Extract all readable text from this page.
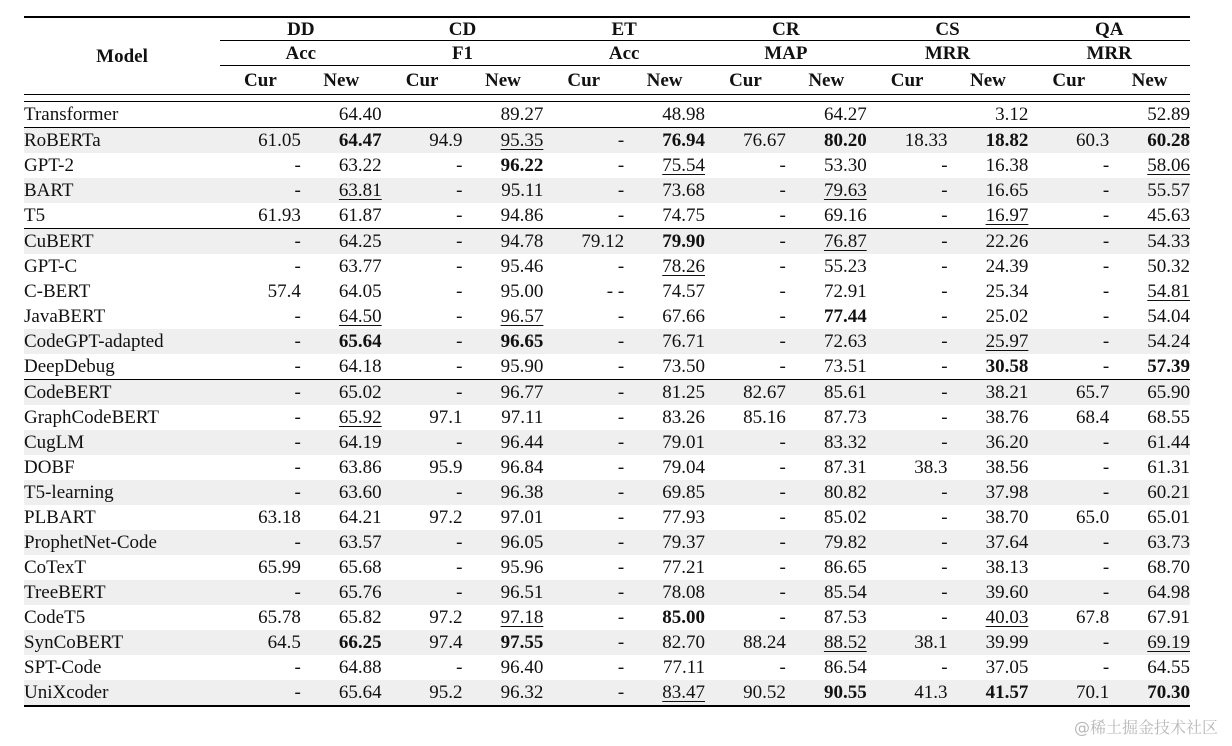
Model	DD		CD		ET		CR		CS		QA	
	Acc		F1		Acc		MAP		MRR		MRR	
	Cur	New	Cur	New	Cur	New	Cur	New	Cur	New	Cur	New

Transformer		64.40		89.27		48.98		64.27		3.12		52.89
RoBERTa	61.05	64.47	94.9	95.35	-	76.94	76.67	80.20	18.33	18.82	60.3	60.28
GPT-2	-	63.22	-	96.22	-	75.54	-	53.30	-	16.38	-	58.06
BART	-	63.81	-	95.11	-	73.68	-	79.63	-	16.65	-	55.57
T5	61.93	61.87	-	94.86	-	74.75	-	69.16	-	16.97	-	45.63
CuBERT	-	64.25	-	94.78	79.12	79.90	-	76.87	-	22.26	-	54.33
GPT-C	-	63.77	-	95.46	-	78.26	-	55.23	-	24.39	-	50.32
C-BERT	57.4	64.05	-	95.00	- -	74.57	-	72.91	-	25.34	-	54.81
JavaBERT	-	64.50	-	96.57	-	67.66	-	77.44	-	25.02	-	54.04
CodeGPT-adapted	-	65.64	-	96.65	-	76.71	-	72.63	-	25.97	-	54.24
DeepDebug	-	64.18	-	95.90	-	73.50	-	73.51	-	30.58	-	57.39
CodeBERT	-	65.02	-	96.77	-	81.25	82.67	85.61	-	38.21	65.7	65.90
GraphCodeBERT	-	65.92	97.1	97.11	-	83.26	85.16	87.73	-	38.76	68.4	68.55
CugLM	-	64.19	-	96.44	-	79.01	-	83.32	-	36.20	-	61.44
DOBF	-	63.86	95.9	96.84	-	79.04	-	87.31	38.3	38.56	-	61.31
T5-learning	-	63.60	-	96.38	-	69.85	-	80.82	-	37.98	-	60.21
PLBART	63.18	64.21	97.2	97.01	-	77.93	-	85.02	-	38.70	65.0	65.01
ProphetNet-Code	-	63.57	-	96.05	-	79.37	-	79.82	-	37.64	-	63.73
CoTexT	65.99	65.68	-	95.96	-	77.21	-	86.65	-	38.13	-	68.70
TreeBERT	-	65.76	-	96.51	-	78.08	-	85.54	-	39.60	-	64.98
CodeT5	65.78	65.82	97.2	97.18	-	85.00	-	87.53	-	40.03	67.8	67.91
SynCoBERT	64.5	66.25	97.4	97.55	-	82.70	88.24	88.52	38.1	39.99	-	69.19
SPT-Code	-	64.88	-	96.40	-	77.11	-	86.54	-	37.05	-	64.55
UniXcoder	-	65.64	95.2	96.32	-	83.47	90.52	90.55	41.3	41.57	70.1	70.30
@稀土掘金技术社区
